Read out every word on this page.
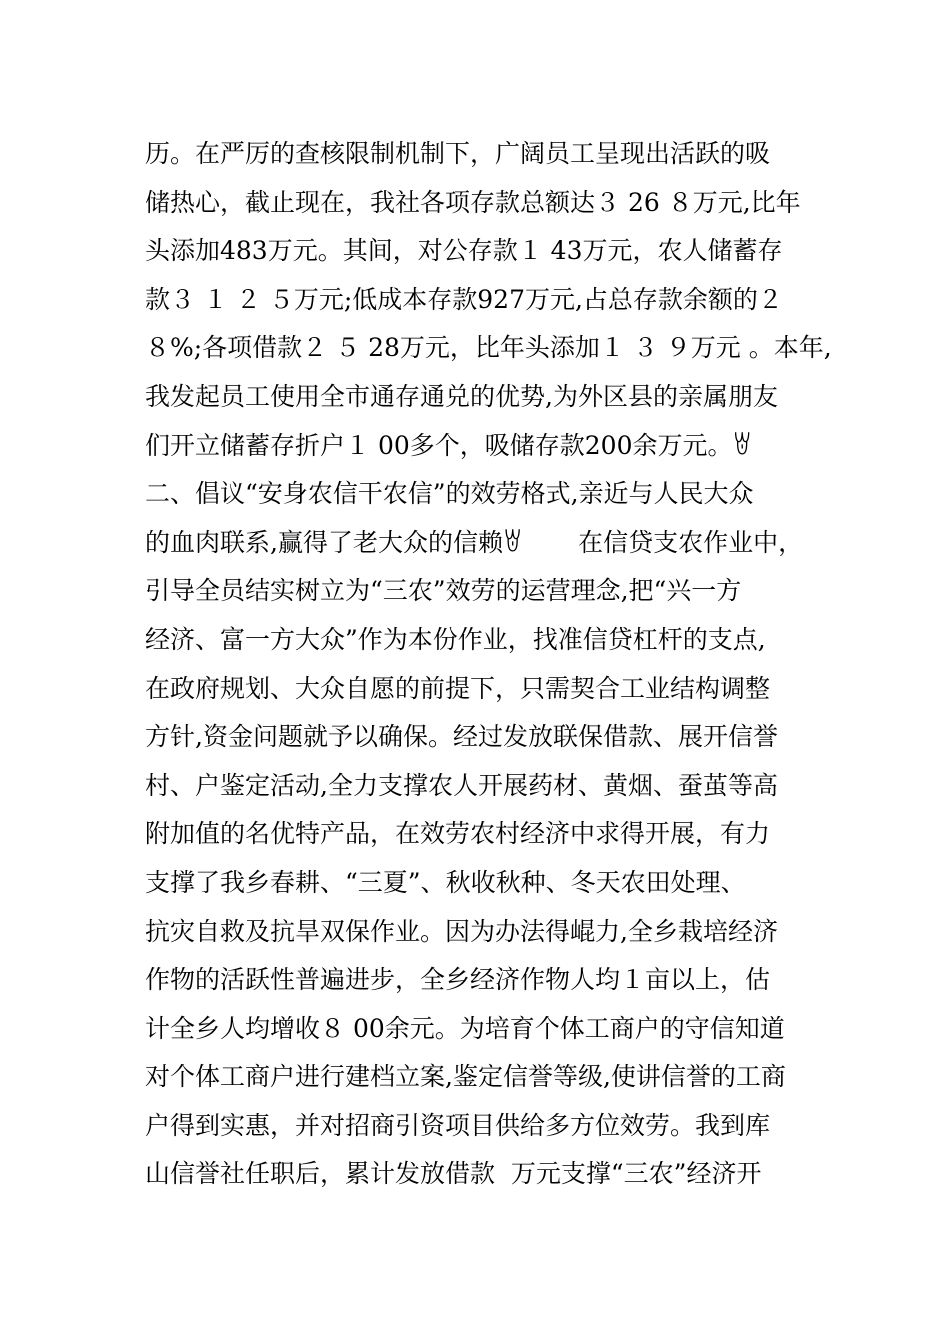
历。在严厉的查核限制机制下，广阔员工呈现出活跃的吸
储热心，截止现在，我社各项存款总额达３ 26 ８万元,比年
头添加483万元。其间，对公存款１ 43万元，农人储蓄存
款３ １ ２ ５万元;低成本存款927万元,占总存款余额的２
８%;各项借款２ ５ 28万元，比年头添加１ ３ ９万元 。本年,
我发起员工使用全市通存通兑的优势,为外区县的亲属朋友
们开立储蓄存折户１ 00多个，吸储存款200余万元。ꇐ
二、倡议“安身农信干农信”的效劳格式,亲近与人民大众
的血肉联系,赢得了老大众的信赖ꇐ       在信贷支农作业中，
引导全员结实树立为“三农”效劳的运营理念,把“兴一方
经济、富一方大众”作为本份作业，找准信贷杠杆的支点,
在政府规划、大众自愿的前提下，只需契合工业结构调整
方针,资金问题就予以确保。经过发放联保借款、展开信誉
村、户鉴定活动,全力支撑农人开展药材、黄烟、蚕茧等高
附加值的名优特产品，在效劳农村经济中求得开展，有力
支撑了我乡春耕、“三夏”、秋收秋种、冬天农田处理、
抗灾自救及抗旱双保作业。因为办法得崐力,全乡栽培经济
作物的活跃性普遍进步，全乡经济作物人均１亩以上，估
计全乡人均增收８ 00余元。为培育个体工商户的守信知道
对个体工商户进行建档立案,鉴定信誉等级,使讲信誉的工商
户得到实惠，并对招商引资项目供给多方位效劳。我到库
山信誉社任职后，累计发放借款  万元支撑“三农”经济开
